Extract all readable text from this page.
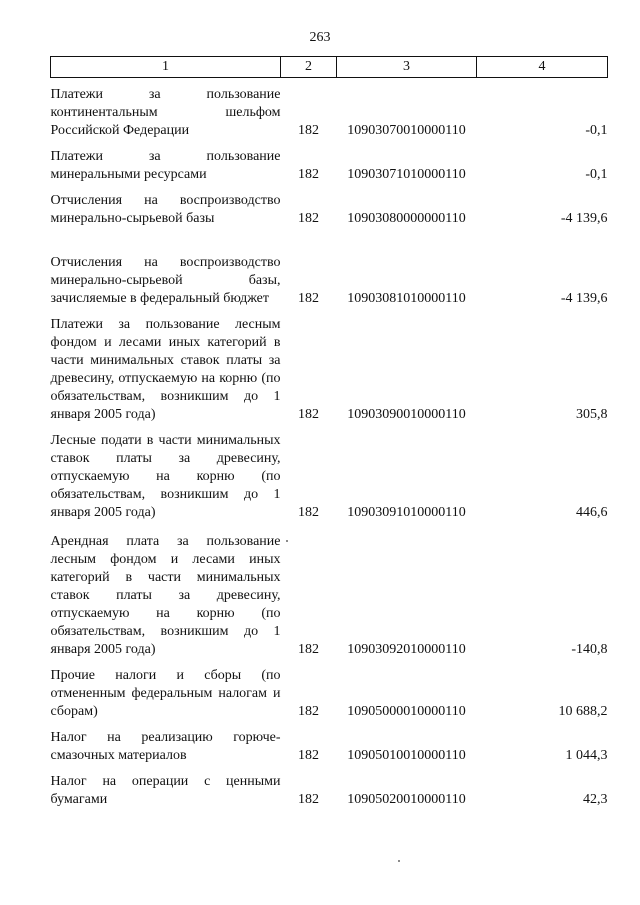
263
1	2	3	4
Платежи за пользование континентальным шельфом Российской Федерации	182	10903070010000110	-0,1
Платежи за пользование минеральными ресурсами	182	10903071010000110	-0,1
Отчисления на воспроизводство минерально-сырьевой базы	182	10903080000000110	-4 139,6
Отчисления на воспроизводство минерально-сырьевой базы, зачисляемые в федеральный бюджет	182	10903081010000110	-4 139,6
Платежи за пользование лесным фондом и лесами иных категорий в части минимальных ставок платы за древесину, отпускаемую на корню (по обязательствам, возникшим до 1 января 2005 года)	182	10903090010000110	305,8
Лесные подати в части минимальных ставок платы за древесину, отпускаемую на корню (по обязательствам, возникшим до 1 января 2005 года)	182	10903091010000110	446,6
Арендная плата за пользование лесным фондом и лесами иных категорий в части минимальных ставок платы за древесину, отпускаемую на корню (по обязательствам, возникшим до 1 января 2005 года)	182	10903092010000110	-140,8
Прочие налоги и сборы (по отмененным федеральным налогам и сборам)	182	10905000010000110	10 688,2
Налог на реализацию горюче-смазочных материалов	182	10905010010000110	1 044,3
Налог на операции с ценными бумагами	182	10905020010000110	42,3
